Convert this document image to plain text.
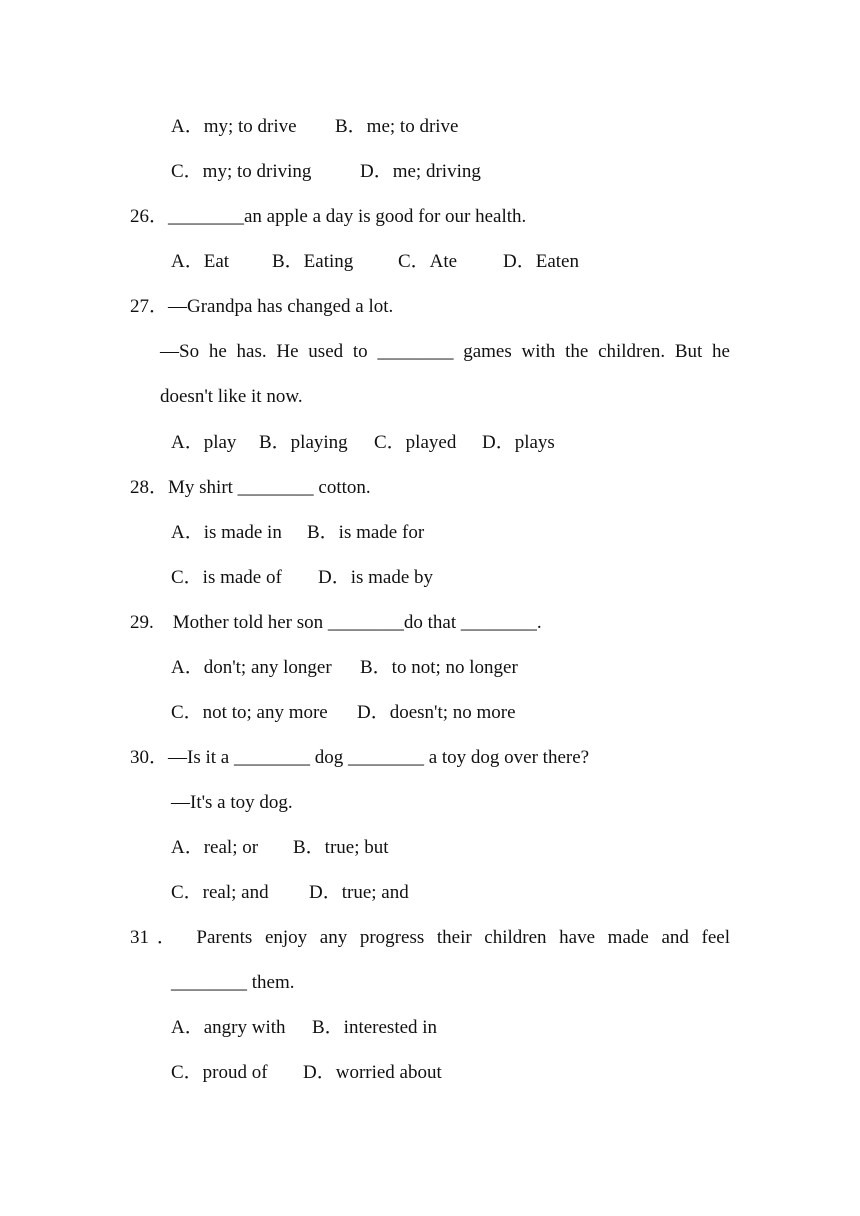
A．my; to drive B．me; to drive
C．my; to driving	D．me; driving
26．________an apple a day is good for our health.
A．Eat B．Eating C．Ate D．Eaten
27．—Grandpa has changed a lot.
—So he has. He used to ________ games with the children. But he
doesn't like it now.
A．play B．playing C．played D．plays
28．My shirt ________ cotton.
A．is made in B．is made for
C．is made of D．is made by
29.    Mother told her son ________do that ________.
A．don't; any longer B．to not; no longer
C．not to; any more D．doesn't; no more
30．—Is it a ________ dog ________ a toy dog over there?
—It's a toy dog.
A．real; or B．true; but
C．real; and D．true; and
31． Parents enjoy any progress their children have made and feel
________ them.
A．angry with B．interested in
C．proud of D．worried about
